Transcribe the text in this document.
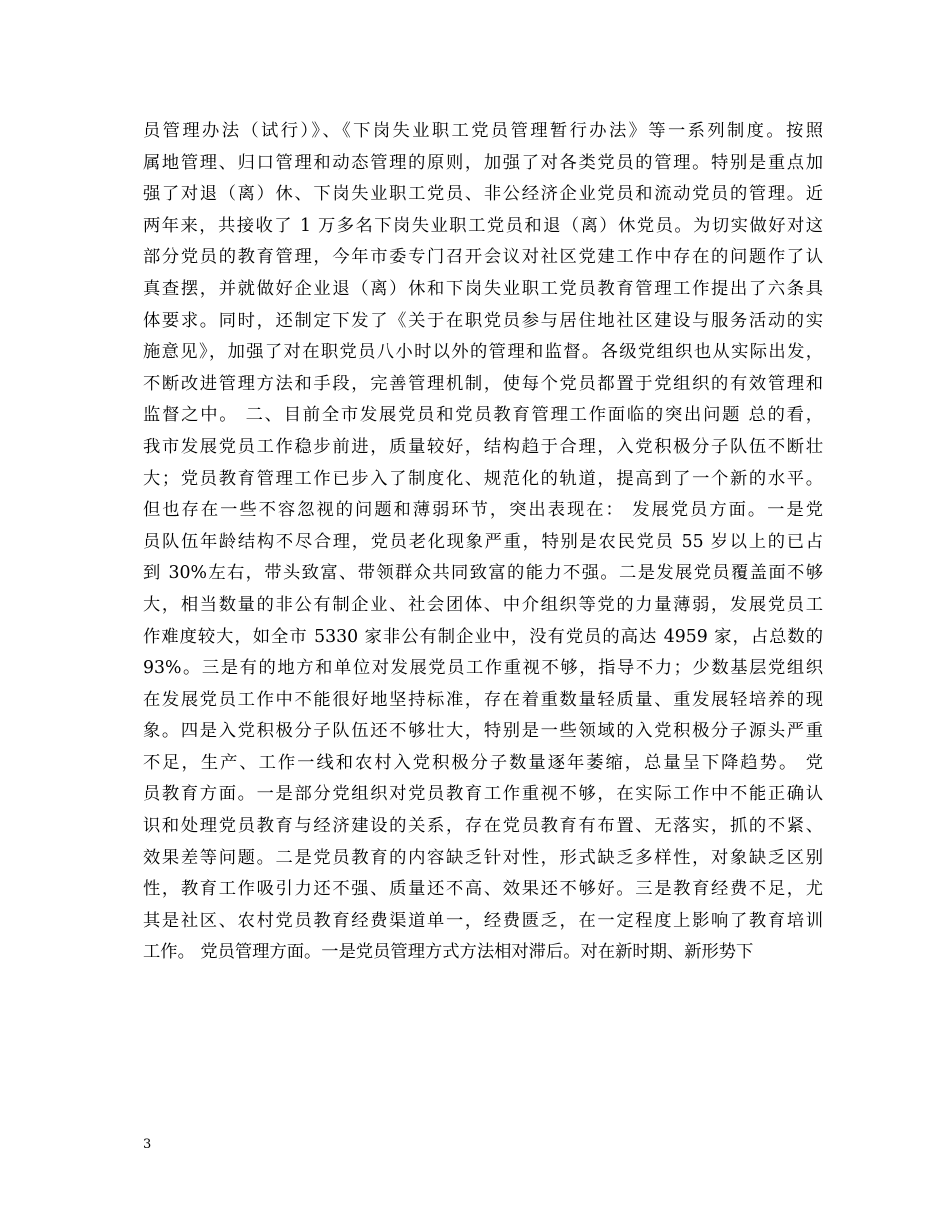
员管理办法（试行）》、《下岗失业职工党员管理暂行办法》等一系列制度。按照
属地管理、归口管理和动态管理的原则，加强了对各类党员的管理。特别是重点加
强了对退（离）休、下岗失业职工党员、非公经济企业党员和流动党员的管理。近
两年来，共接收了 1 万多名下岗失业职工党员和退（离）休党员。为切实做好对这
部分党员的教育管理，今年市委专门召开会议对社区党建工作中存在的问题作了认
真查摆，并就做好企业退（离）休和下岗失业职工党员教育管理工作提出了六条具
体要求。同时，还制定下发了《关于在职党员参与居住地社区建设与服务活动的实
施意见》，加强了对在职党员八小时以外的管理和监督。各级党组织也从实际出发，
不断改进管理方法和手段，完善管理机制，使每个党员都置于党组织的有效管理和
监督之中。 二、目前全市发展党员和党员教育管理工作面临的突出问题 总的看，
我市发展党员工作稳步前进，质量较好，结构趋于合理，入党积极分子队伍不断壮
大；党员教育管理工作已步入了制度化、规范化的轨道，提高到了一个新的水平。
但也存在一些不容忽视的问题和薄弱环节，突出表现在： 发展党员方面。一是党
员队伍年龄结构不尽合理，党员老化现象严重，特别是农民党员 55 岁以上的已占
到 30%左右，带头致富、带领群众共同致富的能力不强。二是发展党员覆盖面不够
大，相当数量的非公有制企业、社会团体、中介组织等党的力量薄弱，发展党员工
作难度较大，如全市 5330 家非公有制企业中，没有党员的高达 4959 家，占总数的
93%。三是有的地方和单位对发展党员工作重视不够，指导不力；少数基层党组织
在发展党员工作中不能很好地坚持标准，存在着重数量轻质量、重发展轻培养的现
象。四是入党积极分子队伍还不够壮大，特别是一些领域的入党积极分子源头严重
不足，生产、工作一线和农村入党积极分子数量逐年萎缩，总量呈下降趋势。 党
员教育方面。一是部分党组织对党员教育工作重视不够，在实际工作中不能正确认
识和处理党员教育与经济建设的关系，存在党员教育有布置、无落实，抓的不紧、
效果差等问题。二是党员教育的内容缺乏针对性，形式缺乏多样性，对象缺乏区别
性，教育工作吸引力还不强、质量还不高、效果还不够好。三是教育经费不足，尤
其是社区、农村党员教育经费渠道单一，经费匮乏，在一定程度上影响了教育培训
工作。 党员管理方面。一是党员管理方式方法相对滞后。对在新时期、新形势下
3
